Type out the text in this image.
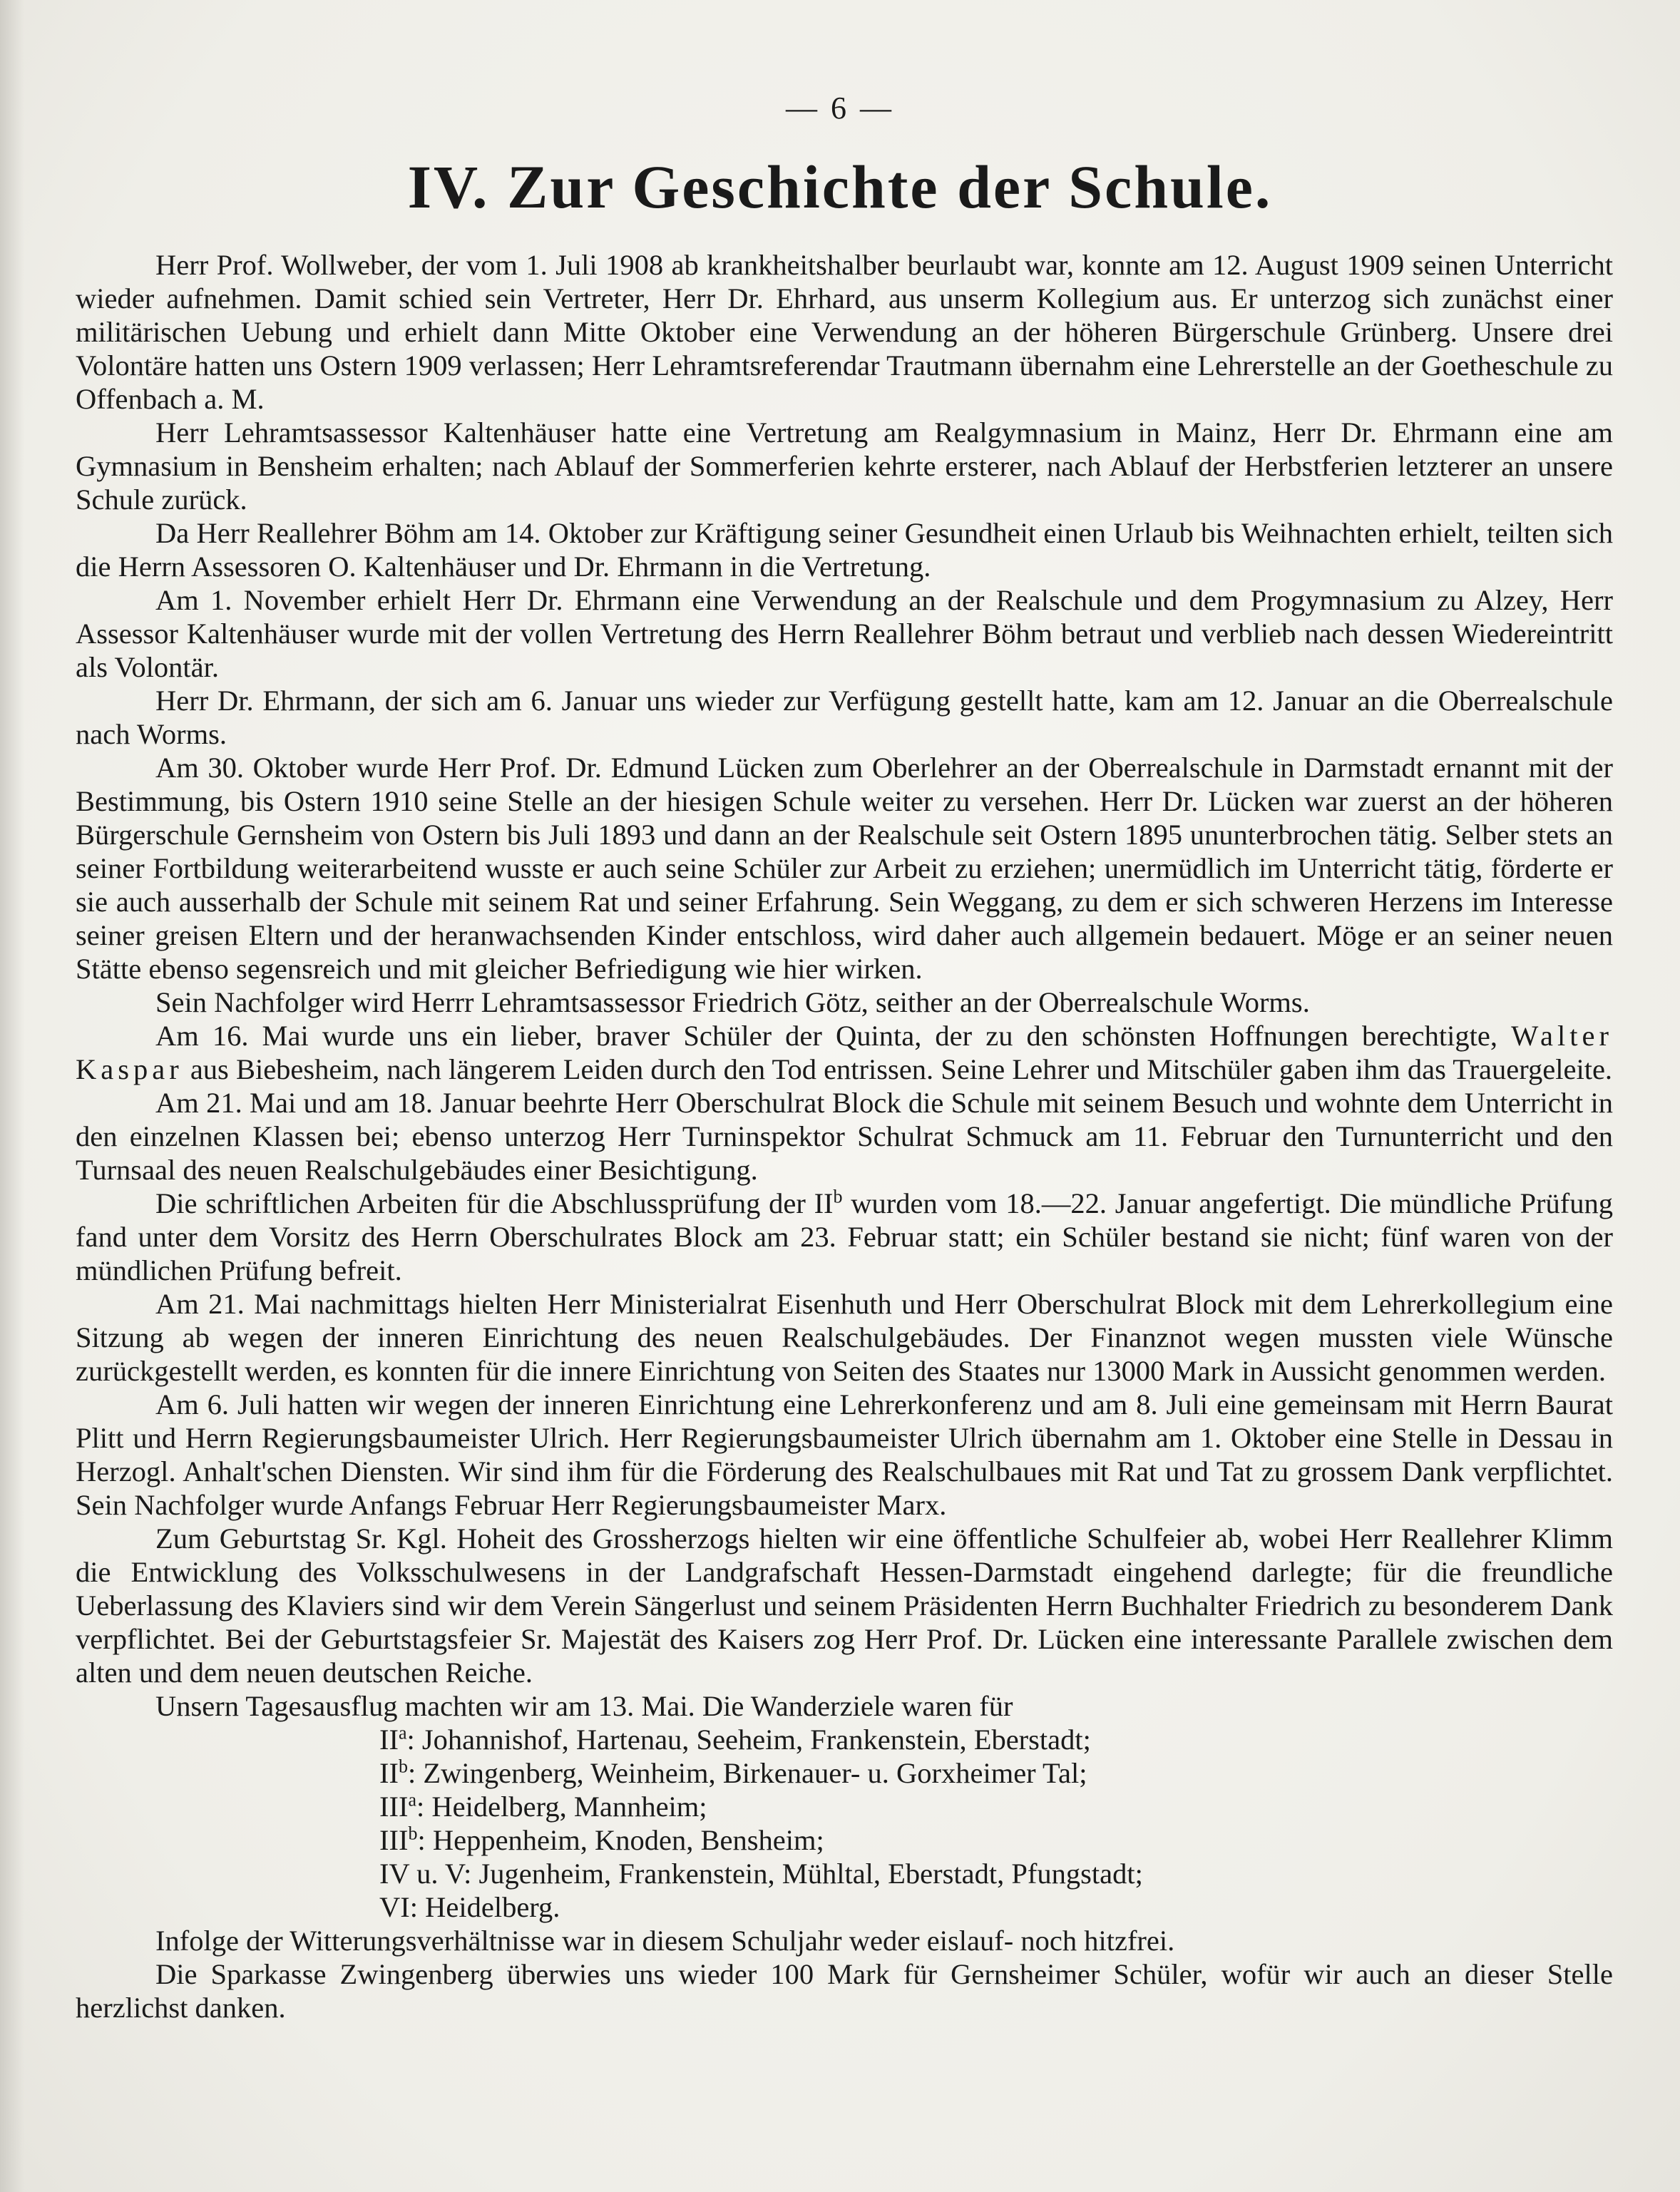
— 6 —
IV. Zur Geschichte der Schule.

Herr Prof. Wollweber, der vom 1. Juli 1908 ab krankheitshalber beurlaubt war, konnte am 12. August 1909 seinen Unterricht wieder aufnehmen. Damit schied sein Vertreter, Herr Dr. Ehrhard, aus unserm Kollegium aus. Er unterzog sich zunächst einer militärischen Uebung und erhielt dann Mitte Oktober eine Verwendung an der höheren Bürgerschule Grünberg. Unsere drei Volontäre hatten uns Ostern 1909 verlassen; Herr Lehramtsreferendar Trautmann übernahm eine Lehrerstelle an der Goetheschule zu Offenbach a. M.

Herr Lehramtsassessor Kaltenhäuser hatte eine Vertretung am Realgymnasium in Mainz, Herr Dr. Ehrmann eine am Gymnasium in Bensheim erhalten; nach Ablauf der Sommerferien kehrte ersterer, nach Ablauf der Herbstferien letzterer an unsere Schule zurück.

Da Herr Reallehrer Böhm am 14. Oktober zur Kräftigung seiner Gesundheit einen Urlaub bis Weihnachten erhielt, teilten sich die Herrn Assessoren O. Kaltenhäuser und Dr. Ehrmann in die Vertretung.

Am 1. November erhielt Herr Dr. Ehrmann eine Verwendung an der Realschule und dem Progymnasium zu Alzey, Herr Assessor Kaltenhäuser wurde mit der vollen Vertretung des Herrn Reallehrer Böhm betraut und verblieb nach dessen Wiedereintritt als Volontär.

Herr Dr. Ehrmann, der sich am 6. Januar uns wieder zur Verfügung gestellt hatte, kam am 12. Januar an die Oberrealschule nach Worms.

Am 30. Oktober wurde Herr Prof. Dr. Edmund Lücken zum Oberlehrer an der Oberrealschule in Darmstadt ernannt mit der Bestimmung, bis Ostern 1910 seine Stelle an der hiesigen Schule weiter zu versehen. Herr Dr. Lücken war zuerst an der höheren Bürgerschule Gernsheim von Ostern bis Juli 1893 und dann an der Realschule seit Ostern 1895 ununterbrochen tätig. Selber stets an seiner Fortbildung weiterarbeitend wusste er auch seine Schüler zur Arbeit zu erziehen; unermüdlich im Unterricht tätig, förderte er sie auch ausserhalb der Schule mit seinem Rat und seiner Erfahrung. Sein Weggang, zu dem er sich schweren Herzens im Interesse seiner greisen Eltern und der heranwachsenden Kinder entschloss, wird daher auch allgemein bedauert. Möge er an seiner neuen Stätte ebenso segensreich und mit gleicher Befriedigung wie hier wirken.

Sein Nachfolger wird Herrr Lehramtsassessor Friedrich Götz, seither an der Oberrealschule Worms.

Am 16. Mai wurde uns ein lieber, braver Schüler der Quinta, der zu den schönsten Hoffnungen berechtigte, Walter Kaspar aus Biebesheim, nach längerem Leiden durch den Tod entrissen. Seine Lehrer und Mitschüler gaben ihm das Trauergeleite.

Am 21. Mai und am 18. Januar beehrte Herr Oberschulrat Block die Schule mit seinem Besuch und wohnte dem Unterricht in den einzelnen Klassen bei; ebenso unterzog Herr Turninspektor Schulrat Schmuck am 11. Februar den Turnunterricht und den Turnsaal des neuen Realschulgebäudes einer Besichtigung.

Die schriftlichen Arbeiten für die Abschlussprüfung der $II^b$ wurden vom 18.—22. Januar angefertigt. Die mündliche Prüfung fand unter dem Vorsitz des Herrn Oberschulrates Block am 23. Februar statt; ein Schüler bestand sie nicht; fünf waren von der mündlichen Prüfung befreit.

Am 21. Mai nachmittags hielten Herr Ministerialrat Eisenhuth und Herr Oberschulrat Block mit dem Lehrerkollegium eine Sitzung ab wegen der inneren Einrichtung des neuen Realschulgebäudes. Der Finanznot wegen mussten viele Wünsche zurückgestellt werden, es konnten für die innere Einrichtung von Seiten des Staates nur 13000 Mark in Aussicht genommen werden.

Am 6. Juli hatten wir wegen der inneren Einrichtung eine Lehrerkonferenz und am 8. Juli eine gemeinsam mit Herrn Baurat Plitt und Herrn Regierungsbaumeister Ulrich. Herr Regierungsbaumeister Ulrich übernahm am 1. Oktober eine Stelle in Dessau in Herzogl. Anhalt'schen Diensten. Wir sind ihm für die Förderung des Realschulbaues mit Rat und Tat zu grossem Dank verpflichtet. Sein Nachfolger wurde Anfangs Februar Herr Regierungsbaumeister Marx.

Zum Geburtstag Sr. Kgl. Hoheit des Grossherzogs hielten wir eine öffentliche Schulfeier ab, wobei Herr Reallehrer Klimm die Entwicklung des Volksschulwesens in der Landgrafschaft Hessen-Darmstadt eingehend darlegte; für die freundliche Ueberlassung des Klaviers sind wir dem Verein Sängerlust und seinem Präsidenten Herrn Buchhalter Friedrich zu besonderem Dank verpflichtet. Bei der Geburtstagsfeier Sr. Majestät des Kaisers zog Herr Prof. Dr. Lücken eine interessante Parallele zwischen dem alten und dem neuen deutschen Reiche.

Unsern Tagesausflug machten wir am 13. Mai. Die Wanderziele waren für

$II^a$: Johannishof, Hartenau, Seeheim, Frankenstein, Eberstadt;
$II^b$: Zwingenberg, Weinheim, Birkenauer- u. Gorxheimer Tal;
III$^a$: Heidelberg, Mannheim;
III$^b$: Heppenheim, Knoden, Bensheim;
IV u. V: Jugenheim, Frankenstein, Mühltal, Eberstadt, Pfungstadt;
VI: Heidelberg.

Infolge der Witterungsverhältnisse war in diesem Schuljahr weder eislauf- noch hitzfrei.

Die Sparkasse Zwingenberg überwies uns wieder 100 Mark für Gernsheimer Schüler, wofür wir auch an dieser Stelle herzlichst danken.
